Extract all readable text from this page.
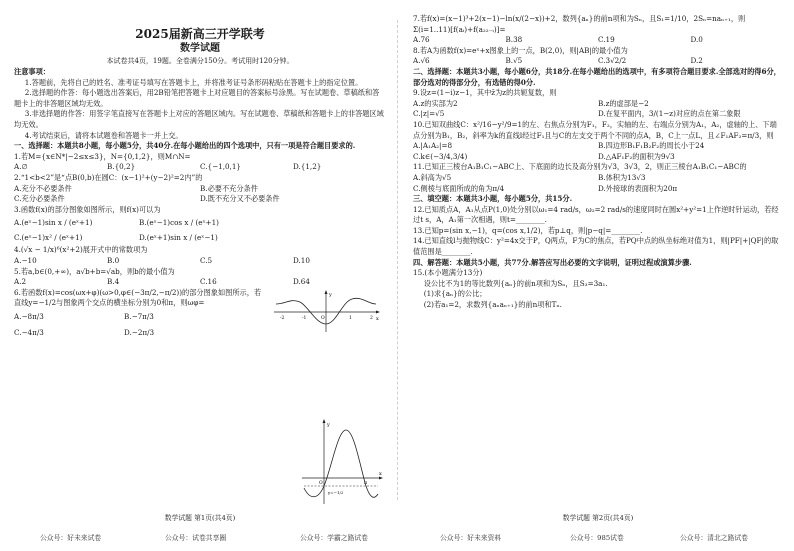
2025届新高三开学联考
数学试题
本试卷共4页，19题。全卷满分150分。考试用时120分钟。
注意事项：

1.答题前，先将自己的姓名、准考证号填写在答题卡上，并将准考证号条形码粘贴在答题卡上的指定位置。

2.选择题的作答：每小题选出答案后，用2B铅笔把答题卡上对应题目的答案标号涂黑。写在试题卷、草稿纸和答题卡上的非答题区域均无效。

3.非选择题的作答：用签字笔直接写在答题卡上对应的答题区域内。写在试题卷、草稿纸和答题卡上的非答题区域均无效。

4.考试结束后，请将本试题卷和答题卡一并上交。

一、选择题：本题共8小题，每小题5分，共40分.在每小题给出的四个选项中，只有一项是符合题目要求的.

1.若M={x∈N*|−2≤x≤3}，N={0,1,2}，则M∩N=

A.∅	B.{0,2}	C.{−1,0,1}	D.{1,2}

2.“1<b<2”是“点B(0,b)在圆C：(x−1)²+(y−2)²=2内”的

A.充分不必要条件	B.必要不充分条件
C.充分必要条件	D.既不充分又不必要条件

3.函数f(x)的部分图象如图所示，则f(x)可以为

A.(eˣ−1)sin x / (eˣ+1)	B.(eˣ−1)cos x / (eˣ+1)
C.(eˣ−1)x² / (eˣ+1)	D.(eˣ+1)sin x / (eˣ−1)

4.(√x − 1/x)⁶(x²+2)展开式中的常数项为

A.−10	B.0	C.5	D.10

5.若a,b∈(0,+∞)，a√b+b=√ab，则b的最小值为

A.2	B.4	C.16	D.64

6.若函数f(x)=cos(ωx+φ)(ω>0,φ∈(−3π/2,−π/2))的部分图象如图所示，若直线y=−1/2与图象两个交点的横坐标分别为0和π，则ωφ=

A.−8π/3	B.−7π/3
C.−4π/3	D.−2π/3
x
y
-2	-1	O	1	2
x
y
O	π
y=−1/2

7.若f(x)=(x−1)³+2(x−1)−ln(x/(2−x))+2，数列{aₙ}的前n项和为Sₙ，且S₁=1/10，2Sₙ=naₙ₊₁，则 Σ(i=1..11)[f(aᵢ)+f(a₂₂₋ᵢ)]=

A.76	B.38	C.19	D.0

8.若A为函数f(x)=eˣ+x图象上的一点，B(2,0)，则|AB|的最小值为

A.√6	B.√5	C.3√2/2	D.2

二、选择题：本题共3小题，每小题6分，共18分.在每小题给出的选项中，有多项符合题目要求.全部选对的得6分，部分选对的得部分分，有选错的得0分.

9.设z=(1−i)z−1，其中z̄为z的共轭复数，则

A.z的实部为2	B.z的虚部是−2
C.|z|=√5	D.在复平面内，3/(1−z)对应的点在第二象限

10.已知双曲线C：x²/16−y²/9=1的左、右焦点分别为F₁，F₂，实轴的左、右端点分别为A₁，A₂，虚轴的上、下端点分别为B₁，B₂，斜率为k的直线l经过F₁且与C的左支交于两个不同的点A，B，C上一点L，且∠F₁AF₂=π/3，则

A.|A₁A₂|=8	B.四边形B₁F₁B₂F₂的周长小于24
C.k∈(−3/4,3/4)	D.△AF₁F₂的面积为9√3

11.已知正三棱台A₁B₁C₁−ABC上、下底面的边长及高分别为√3，3√3，2，则正三棱台A₁B₁C₁−ABC的

A.斜高为√5	B.体积为13√3
C.侧棱与底面所成的角为π/4	D.外接球的表面积为20π

三、填空题：本题共3小题，每小题5分，共15分.

12.已知质点A，A₁从点P(1,0)处分别以ω₁=4 rad/s，ω₂=2 rad/s的速度同时在圆x²+y²=1上作逆时针运动，若经过t s，A，A₁第一次相遇，则t=________.

13.已知p=(sin x,−1)，q=(cos x,1/2)，若p⊥q，则|p−q|=________.

14.已知直线l与抛物线C：y²=4x交于P，Q两点，F为C的焦点，若PQ中点的纵坐标绝对值为1，则|PF|+|QF|的取值范围是________.

四、解答题：本题共5小题，共77分.解答应写出必要的文字说明，证明过程或演算步骤.

15.(本小题满分13分)

设公比不为1的等比数列{aₙ}的前n项和为Sₙ，且S₃=3a₁.

(1)求{aₙ}的公比；

(2)若a₁=2，求数列{aₙaₙ₊₁}的前n项和Tₙ.

数学试题 第1页(共4页)	数学试题 第2页(共4页)
公众号：好未来试卷	公众号：试卷共享圈	公众号：学霸之路试卷	公众号：好未来资料	公众号：985试卷	公众号：清北之路试卷
